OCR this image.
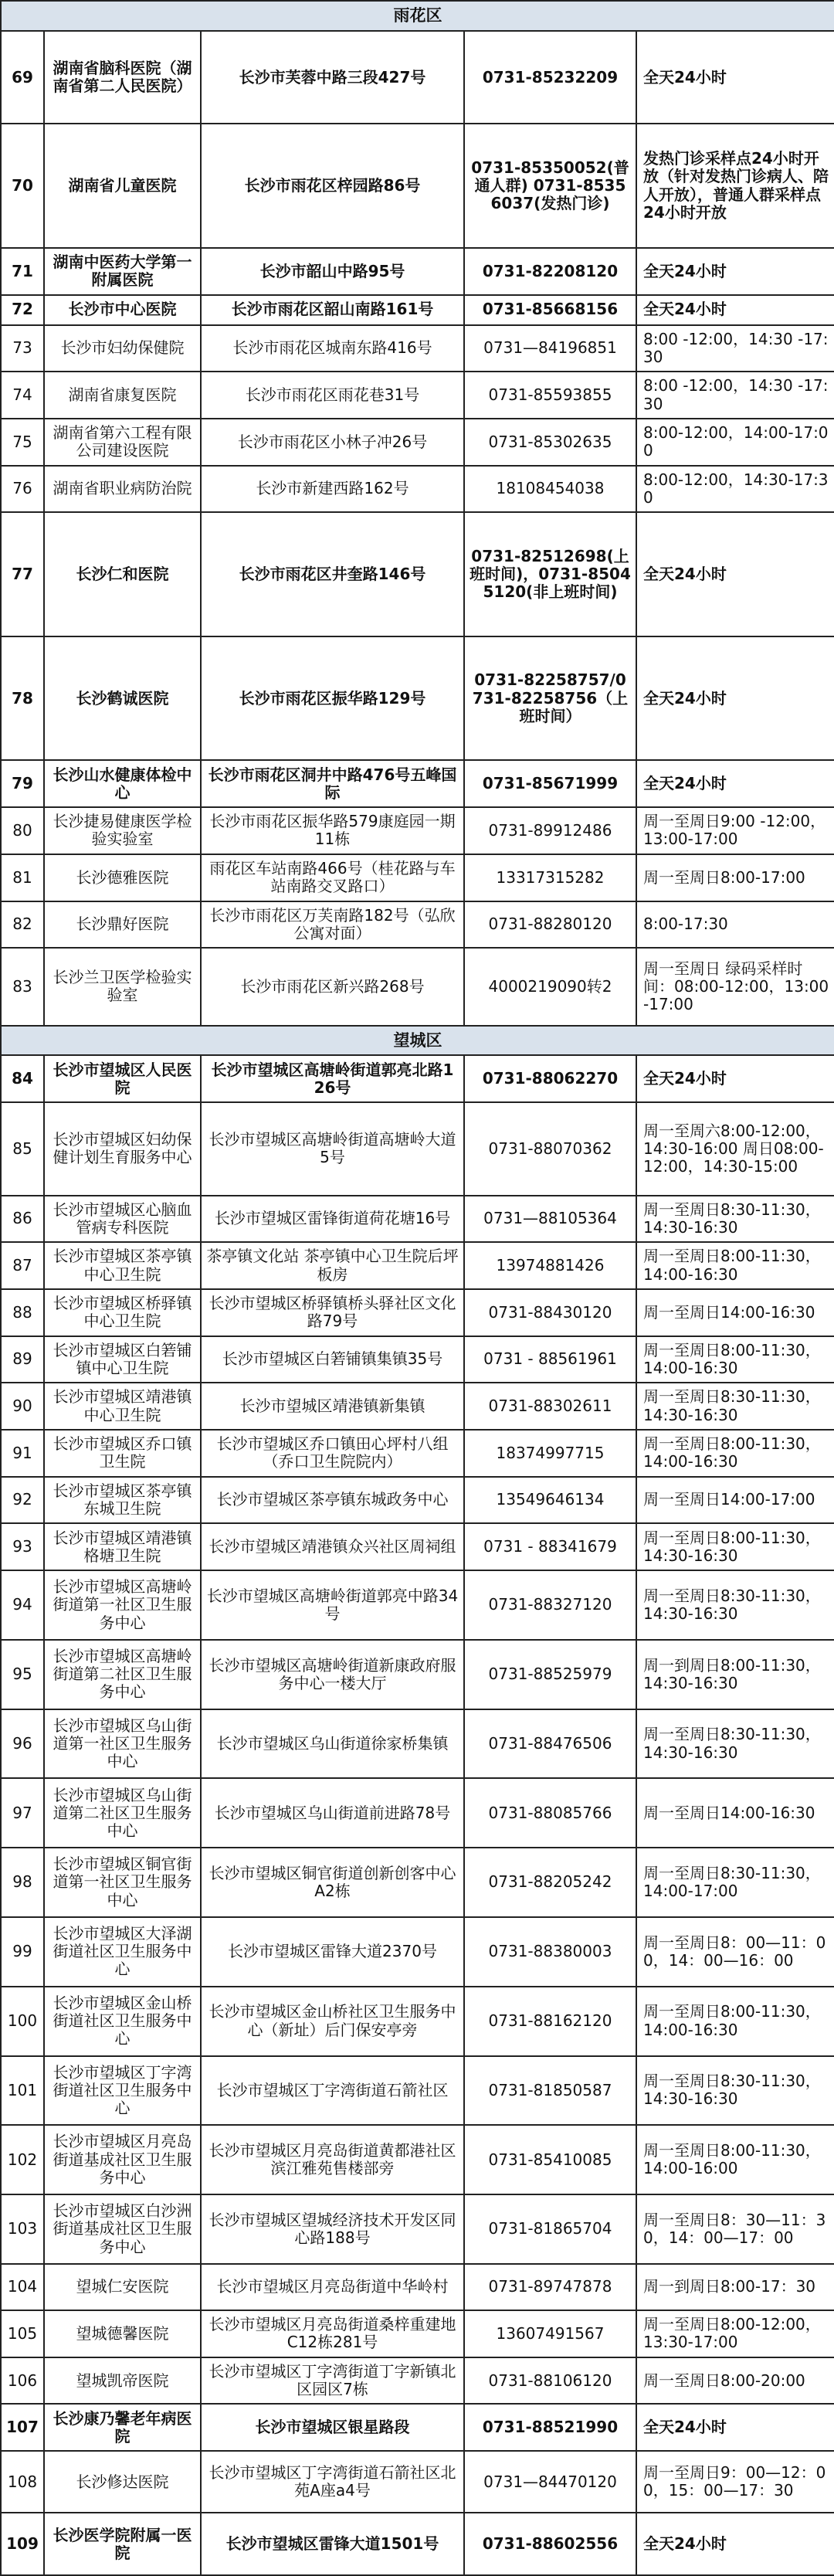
雨花区				
69	湖南省脑科医院（湖南省第二人民医院）	长沙市芙蓉中路三段427号	0731-85232209	全天24小时
70	湖南省儿童医院	长沙市雨花区梓园路86号	0731-85350052(普通人群) 0731-85356037(发热门诊)	发热门诊采样点24小时开放（针对发热门诊病人、陪人开放），普通人群采样点24小时开放
71	湖南中医药大学第一附属医院	长沙市韶山中路95号	0731-82208120	全天24小时
72	长沙市中心医院	长沙市雨花区韶山南路161号	0731-85668156	全天24小时
73	长沙市妇幼保健院	长沙市雨花区城南东路416号	0731—84196851	8:00 -12:00，14:30 -17:30
74	湖南省康复医院	长沙市雨花区雨花巷31号	0731-85593855	8:00 -12:00，14:30 -17:30
75	湖南省第六工程有限公司建设医院	长沙市雨花区小林子冲26号	0731-85302635	8:00-12:00，14:00-17:00
76	湖南省职业病防治院	长沙市新建西路162号	18108454038	8:00-12:00，14:30-17:30
77	长沙仁和医院	长沙市雨花区井奎路146号	0731-82512698(上班时间)，0731-85045120(非上班时间)	全天24小时
78	长沙鹤诚医院	长沙市雨花区振华路129号	0731-82258757/0731-82258756（上班时间）	全天24小时
79	长沙山水健康体检中心	长沙市雨花区洞井中路476号五峰国际	0731-85671999	全天24小时
80	长沙捷易健康医学检验实验室	长沙市雨花区振华路579康庭园一期11栋	0731-89912486	周一至周日9:00 -12:00，13:00-17:00
81	长沙德雅医院	雨花区车站南路466号（桂花路与车站南路交叉路口）	13317315282	周一至周日8:00-17:00
82	长沙鼎好医院	长沙市雨花区万芙南路182号（弘欣公寓对面）	0731-88280120	8:00-17:30
83	长沙兰卫医学检验实验室	长沙市雨花区新兴路268号	4000219090转2	周一至周日 绿码采样时间：08:00-12:00，13:00-17:00
望城区				
84	长沙市望城区人民医院	长沙市望城区高塘岭街道郭亮北路126号	0731-88062270	全天24小时
85	长沙市望城区妇幼保健计划生育服务中心	长沙市望城区高塘岭街道高塘岭大道5号	0731-88070362	周一至周六8:00-12:00，14:30-16:00 周日08:00-12:00，14:30-15:00
86	长沙市望城区心脑血管病专科医院	长沙市望城区雷锋街道荷花塘16号	0731—88105364	周一至周日8:30-11:30，14:30-16:30
87	长沙市望城区茶亭镇中心卫生院	茶亭镇文化站 茶亭镇中心卫生院后坪板房	13974881426	周一至周日8:00-11:30，14:00-16:30
88	长沙市望城区桥驿镇中心卫生院	长沙市望城区桥驿镇桥头驿社区文化路79号	0731-88430120	周一至周日14:00-16:30
89	长沙市望城区白箬铺镇中心卫生院	长沙市望城区白箬铺镇集镇35号	0731 - 88561961	周一至周日8:00-11:30，14:00-16:30
90	长沙市望城区靖港镇中心卫生院	长沙市望城区靖港镇新集镇	0731-88302611	周一至周日8:30-11:30，14:30-16:30
91	长沙市望城区乔口镇卫生院	长沙市望城区乔口镇田心坪村八组（乔口卫生院院内）	18374997715	周一至周日8:00-11:30，14:00-16:30
92	长沙市望城区茶亭镇东城卫生院	长沙市望城区茶亭镇东城政务中心	13549646134	周一至周日14:00-17:00
93	长沙市望城区靖港镇格塘卫生院	长沙市望城区靖港镇众兴社区周祠组	0731 - 88341679	周一至周日8:00-11:30，14:30-16:30
94	长沙市望城区高塘岭街道第一社区卫生服务中心	长沙市望城区高塘岭街道郭亮中路34号	0731-88327120	周一至周日8:30-11:30，14:30-16:30
95	长沙市望城区高塘岭街道第二社区卫生服务中心	长沙市望城区高塘岭街道新康政府服务中心一楼大厅	0731-88525979	周一到周日8:00-11:30，14:30-16:30
96	长沙市望城区乌山街道第一社区卫生服务中心	长沙市望城区乌山街道徐家桥集镇	0731-88476506	周一至周日8:30-11:30，14:30-16:30
97	长沙市望城区乌山街道第二社区卫生服务中心	长沙市望城区乌山街道前进路78号	0731-88085766	周一至周日14:00-16:30
98	长沙市望城区铜官街道第一社区卫生服务中心	长沙市望城区铜官街道创新创客中心A2栋	0731-88205242	周一至周日8:30-11:30，14:00-17:00
99	长沙市望城区大泽湖街道社区卫生服务中心	长沙市望城区雷锋大道2370号	0731-88380003	周一至周日8：00—11：00，14：00—16：00
100	长沙市望城区金山桥街道社区卫生服务中心	长沙市望城区金山桥社区卫生服务中心（新址）后门保安亭旁	0731-88162120	周一至周日8:00-11:30，14:00-16:30
101	长沙市望城区丁字湾街道社区卫生服务中心	长沙市望城区丁字湾街道石箭社区	0731-81850587	周一至周日8:30-11:30，14:30-16:30
102	长沙市望城区月亮岛街道基成社区卫生服务中心	长沙市望城区月亮岛街道黄都港社区滨江雅苑售楼部旁	0731-85410085	周一至周日8:00-11:30，14:00-16:00
103	长沙市望城区白沙洲街道基成社区卫生服务中心	长沙市望城区望城经济技术开发区同心路188号	0731-81865704	周一至周日8：30—11：30，14：00—17：00
104	望城仁安医院	长沙市望城区月亮岛街道中华岭村	0731-89747878	周一到周日8:00-17：30
105	望城德馨医院	长沙市望城区月亮岛街道桑梓重建地C12栋281号	13607491567	周一至周日8:00-12:00，13:30-17:00
106	望城凯帝医院	长沙市望城区丁字湾街道丁字新镇北区园区7栋	0731-88106120	周一至周日8:00-20:00
107	长沙康乃馨老年病医院	长沙市望城区银星路段	0731-88521990	全天24小时
108	长沙修达医院	长沙市望城区丁字湾街道石箭社区北苑A座a4号	0731—84470120	周一至周日9：00—12：00，15：00—17：30
109	长沙医学院附属一医院	长沙市望城区雷锋大道1501号	0731-88602556	全天24小时
